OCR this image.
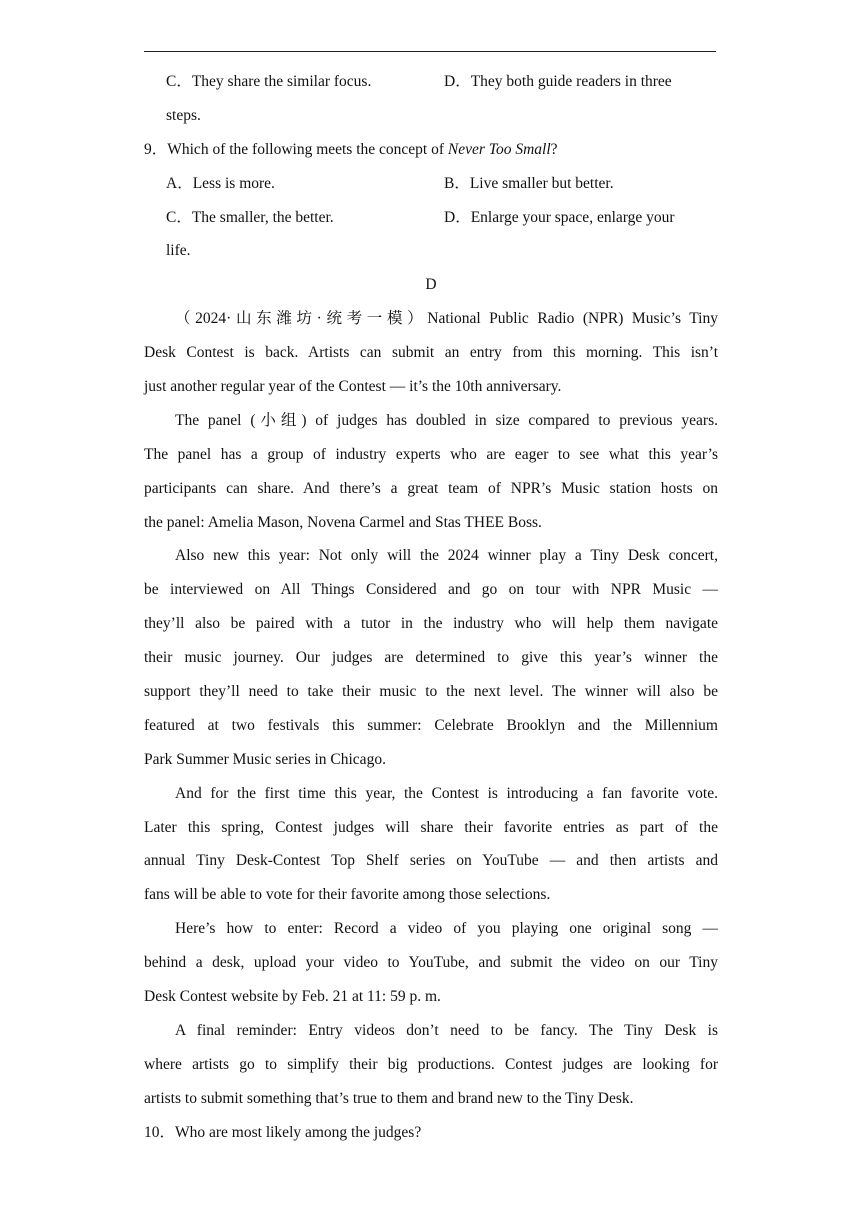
C．They share the similar focus.	D．They both guide readers in three
steps.
9．Which of the following meets the concept of Never Too Small?
A．Less is more.	B．Live smaller but better.
C．The smaller, the better.	D．Enlarge your space, enlarge your
life.
D
（2024·山东潍坊·统考一模）National Public Radio (NPR) Music’s Tiny
Desk Contest is back. Artists can submit an entry from this morning. This isn’t
just another regular year of the Contest — it’s the 10th anniversary.
The panel (小组) of judges has doubled in size compared to previous years.
The panel has a group of industry experts who are eager to see what this year’s
participants can share. And there’s a great team of NPR’s Music station hosts on
the panel: Amelia Mason, Novena Carmel and Stas THEE Boss.
Also new this year: Not only will the 2024 winner play a Tiny Desk concert,
be interviewed on All Things Considered and go on tour with NPR Music —
they’ll also be paired with a tutor in the industry who will help them navigate
their music journey. Our judges are determined to give this year’s winner the
support they’ll need to take their music to the next level. The winner will also be
featured at two festivals this summer: Celebrate Brooklyn and the Millennium
Park Summer Music series in Chicago.
And for the first time this year, the Contest is introducing a fan favorite vote.
Later this spring, Contest judges will share their favorite entries as part of the
annual Tiny Desk-Contest Top Shelf series on YouTube — and then artists and
fans will be able to vote for their favorite among those selections.
Here’s how to enter: Record a video of you playing one original song —
behind a desk, upload your video to YouTube, and submit the video on our Tiny
Desk Contest website by Feb. 21 at 11: 59 p. m.
A final reminder: Entry videos don’t need to be fancy. The Tiny Desk is
where artists go to simplify their big productions. Contest judges are looking for
artists to submit something that’s true to them and brand new to the Tiny Desk.
10．Who are most likely among the judges?
